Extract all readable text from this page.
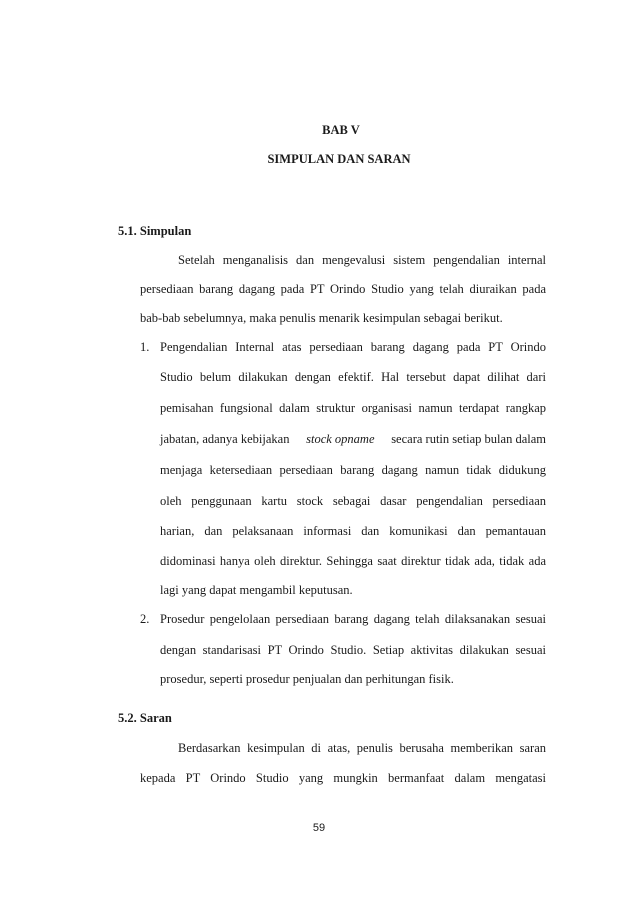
BAB V
SIMPULAN DAN SARAN
5.1. Simpulan
Setelah menganalisis dan mengevalusi sistem pengendalian internal
persediaan barang dagang pada PT Orindo Studio yang telah diuraikan pada
bab-bab sebelumnya, maka penulis menarik kesimpulan sebagai berikut.
1. Pengendalian Internal atas persediaan barang dagang pada PT Orindo
Studio belum dilakukan dengan efektif. Hal tersebut dapat dilihat dari
pemisahan fungsional dalam struktur organisasi namun terdapat rangkap
jabatan, adanya kebijakan stock opname secara rutin setiap bulan dalam
menjaga ketersediaan persediaan barang dagang namun tidak didukung
oleh penggunaan kartu stock sebagai dasar pengendalian persediaan
harian, dan pelaksanaan informasi dan komunikasi dan pemantauan
didominasi hanya oleh direktur. Sehingga saat direktur tidak ada, tidak ada
lagi yang dapat mengambil keputusan.
2. Prosedur pengelolaan persediaan barang dagang telah dilaksanakan sesuai
dengan standarisasi PT Orindo Studio. Setiap aktivitas dilakukan sesuai
prosedur, seperti prosedur penjualan dan perhitungan fisik.
5.2. Saran
Berdasarkan kesimpulan di atas, penulis berusaha memberikan saran
kepada PT Orindo Studio yang mungkin bermanfaat dalam mengatasi
59
